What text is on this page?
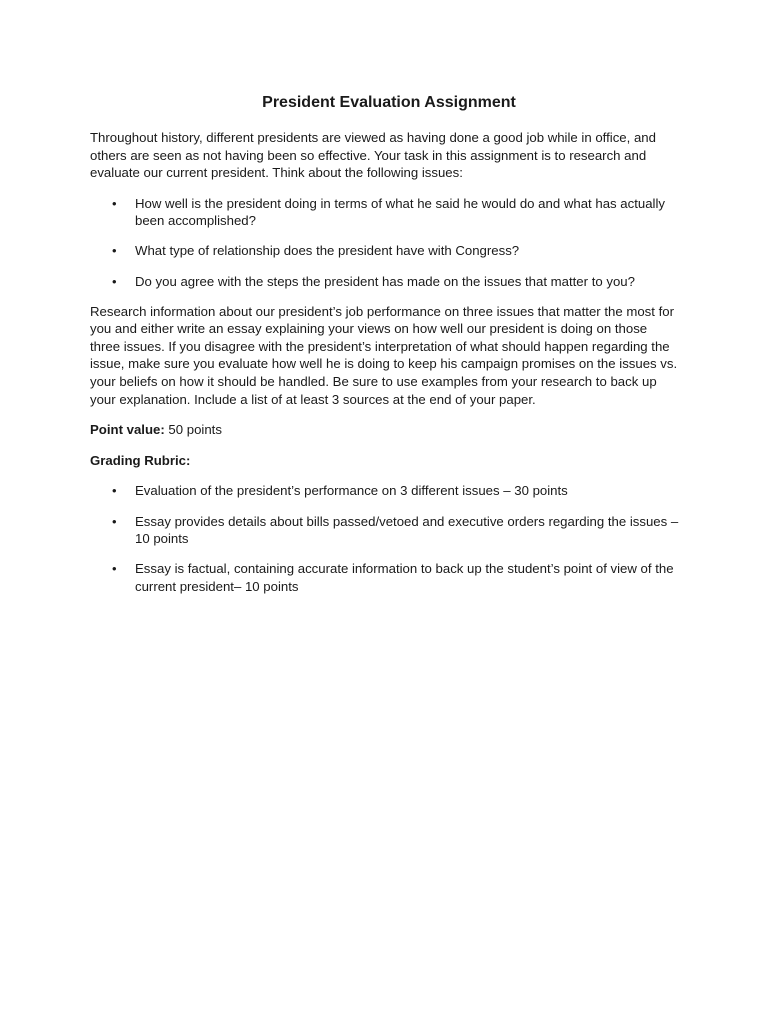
President Evaluation Assignment

Throughout history, different presidents are viewed as having done a good job while in office, and others are seen as not having been so effective. Your task in this assignment is to research and evaluate our current president. Think about the following issues:

• How well is the president doing in terms of what he said he would do and what has actually been accomplished?
• What type of relationship does the president have with Congress?
• Do you agree with the steps the president has made on the issues that matter to you?

Research information about our president’s job performance on three issues that matter the most for you and either write an essay explaining your views on how well our president is doing on those three issues. If you disagree with the president’s interpretation of what should happen regarding the issue, make sure you evaluate how well he is doing to keep his campaign promises on the issues vs. your beliefs on how it should be handled. Be sure to use examples from your research to back up your explanation. Include a list of at least 3 sources at the end of your paper.

Point value: 50 points

Grading Rubric:

• Evaluation of the president’s performance on 3 different issues – 30 points
• Essay provides details about bills passed/vetoed and executive orders regarding the issues – 10 points
• Essay is factual, containing accurate information to back up the student’s point of view of the current president– 10 points
